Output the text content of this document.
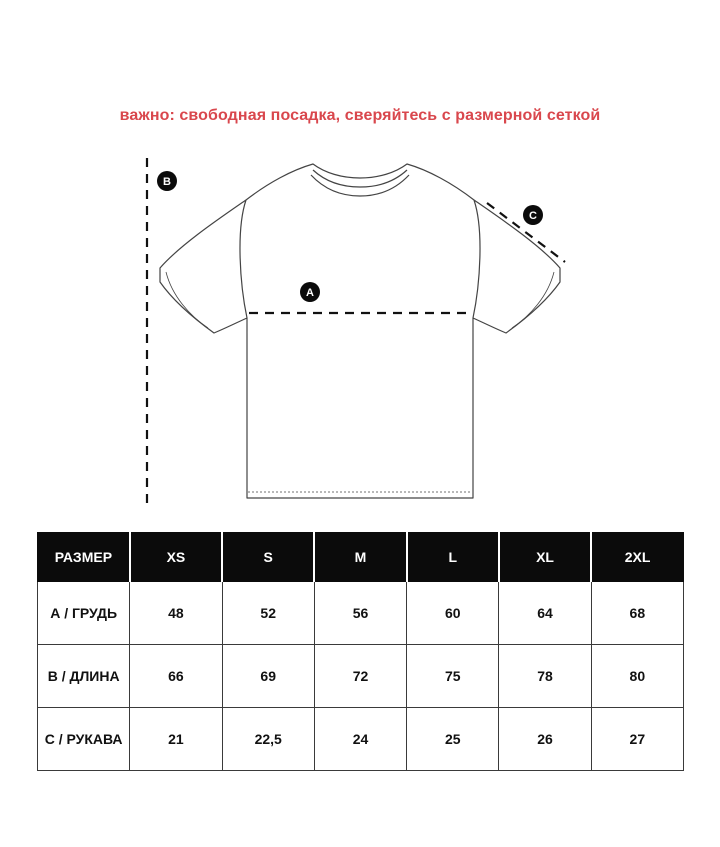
важно: свободная посадка, сверяйтесь с размерной сеткой
A
B
C
РАЗМЕР	XS	S	M	L	XL	2XL
А / ГРУДЬ	48	52	56	60	64	68
В / ДЛИНА	66	69	72	75	78	80
С / РУКАВА	21	22,5	24	25	26	27
